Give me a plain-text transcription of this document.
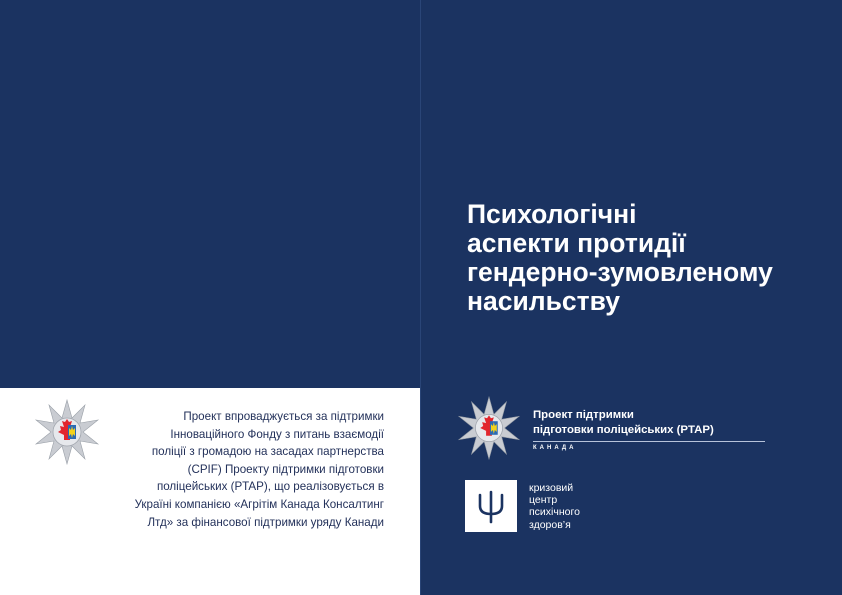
Проект впроваджується за підтримки
Інноваційного Фонду з питань взаємодії
поліції з громадою на засадах партнерства
(CPIF) Проекту підтримки підготовки
поліцейських (PTAP), що реалізовується в
Україні компанією «Агрітім Канада Консалтинг
Лтд» за фінансової підтримки уряду Канади

Психологічні
аспекти протидії
гендерно-зумовленому
насильству
Проект підтримки
підготовки поліцейських (PTAP)
КАНАДА
кризовий
центр
психічного
здоров’я
